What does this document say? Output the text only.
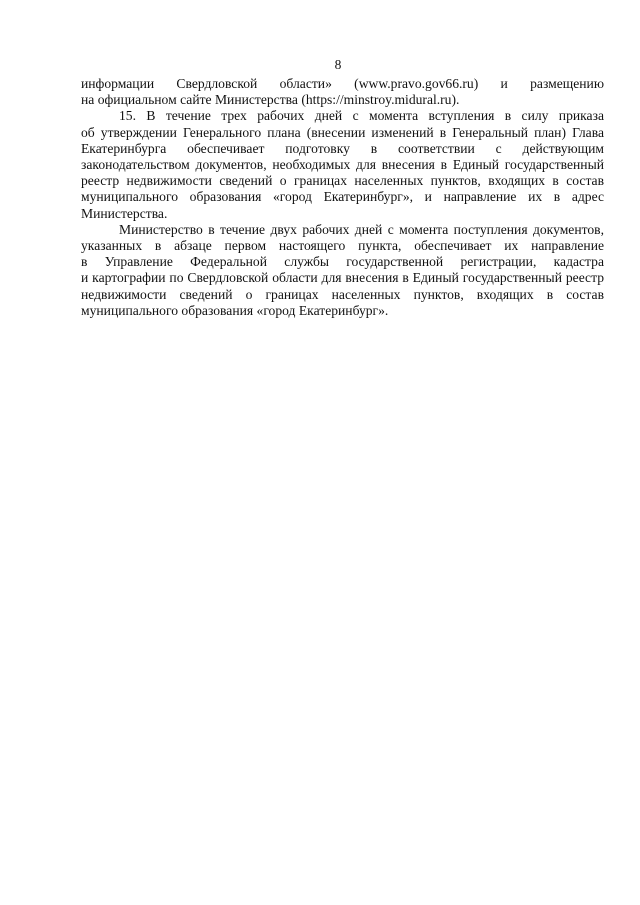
8
информации Свердловской области» (www.pravo.gov66.ru) и размещению
на официальном сайте Министерства (https://minstroy.midural.ru).
15. В течение трех рабочих дней с момента вступления в силу приказа
об утверждении Генерального плана (внесении изменений в Генеральный план) Глава
Екатеринбурга обеспечивает подготовку в соответствии с действующим
законодательством документов, необходимых для внесения в Единый государственный
реестр недвижимости сведений о границах населенных пунктов, входящих в состав
муниципального образования «город Екатеринбург», и направление их в адрес
Министерства.
Министерство в течение двух рабочих дней с момента поступления документов,
указанных в абзаце первом настоящего пункта, обеспечивает их направление
в Управление Федеральной службы государственной регистрации, кадастра
и картографии по Свердловской области для внесения в Единый государственный реестр
недвижимости сведений о границах населенных пунктов, входящих в состав
муниципального образования «город Екатеринбург».
